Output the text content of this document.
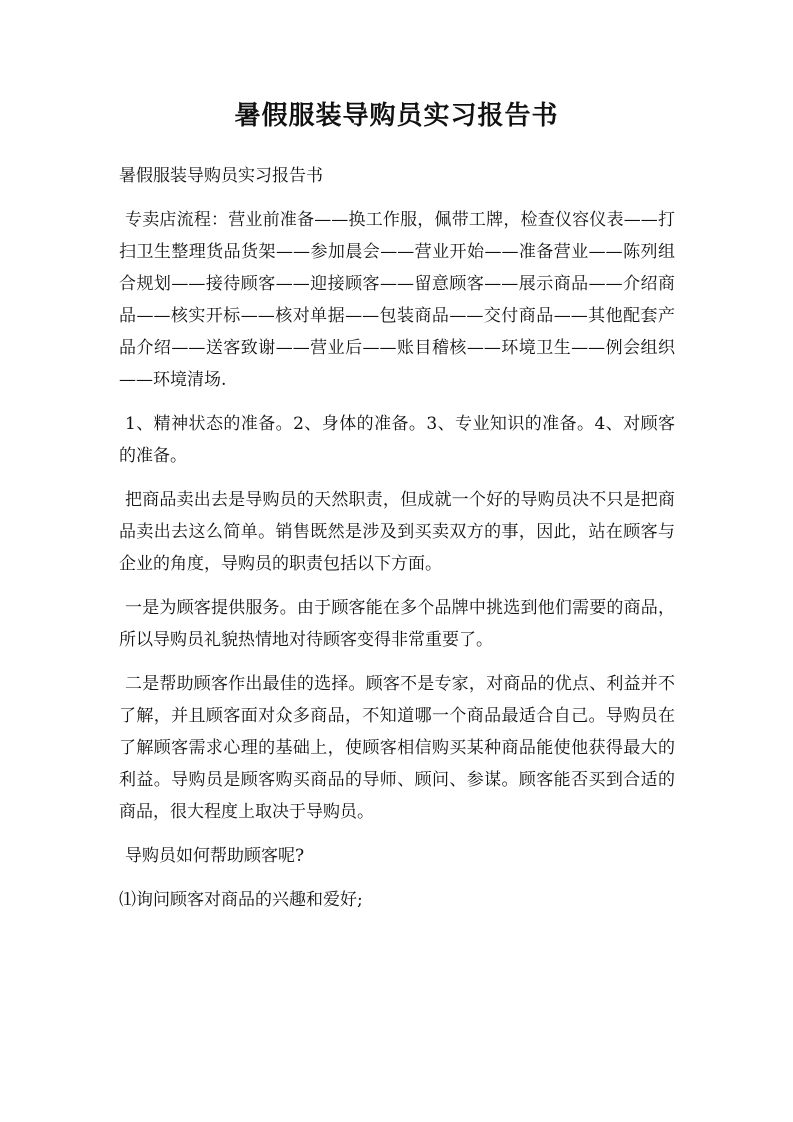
暑假服装导购员实习报告书

暑假服装导购员实习报告书

专卖店流程：营业前准备——换工作服，佩带工牌，检查仪容仪表——打扫卫生整理货品货架——参加晨会——营业开始——准备营业——陈列组合规划——接待顾客——迎接顾客——留意顾客——展示商品——介绍商品——核实开标——核对单据——包装商品——交付商品——其他配套产品介绍——送客致谢——营业后——账目稽核——环境卫生——例会组织——环境清场.

1、精神状态的准备。2、身体的准备。3、专业知识的准备。4、对顾客的准备。

把商品卖出去是导购员的天然职责，但成就一个好的导购员决不只是把商品卖出去这么简单。销售既然是涉及到买卖双方的事，因此，站在顾客与企业的角度，导购员的职责包括以下方面。

一是为顾客提供服务。由于顾客能在多个品牌中挑选到他们需要的商品，所以导购员礼貌热情地对待顾客变得非常重要了。

二是帮助顾客作出最佳的选择。顾客不是专家，对商品的优点、利益并不了解，并且顾客面对众多商品，不知道哪一个商品最适合自己。导购员在了解顾客需求心理的基础上，使顾客相信购买某种商品能使他获得最大的利益。导购员是顾客购买商品的导师、顾问、参谋。顾客能否买到合适的商品，很大程度上取决于导购员。

导购员如何帮助顾客呢?

⑴询问顾客对商品的兴趣和爱好;
